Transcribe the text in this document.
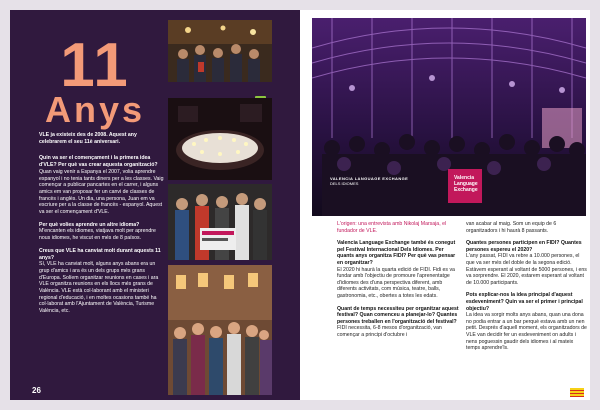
11
Anys

VLE ja existeix des de 2008. Aquest any celebrarem el seu 11è aniversari.

Quin va ser el començament i la primera idea d'VLE? Per què vas crear aquesta organització?

Quan vaig venir a Espanya el 2007, volia aprendre espanyol i no tenia tants diners per a les classes. Vaig començar a publicar pancartes en el carrer, i alguns amics em van proposar fer un canvi de classes de francès i anglès. Un dia, una persona, Juan em va escriure per a la classe de francès - espanyol. Aquest va ser el començament d'VLE.

Per què volies aprendre un altre idioma?

M'encanten els idiomes, viatjava molt per aprendre nous idiomes, he viscut en més de 8 països.

Creus que VLE ha canviat molt durant aquests 11 anys?

Sí, VLE ha canviat molt, alguns anys abans era un grup d'amics i ara és un dels grups més grans d'Europa. Solíem organitzar reunions en cases i ara VLE organitza reunions en els llocs més grans de València. VLE està col·laborant amb el ministeri regional d'educació, i en moltes ocasions també ha col·laborat amb l'Ajuntament de València, Turisme València, etc.

26
VALENCIA LANGUAGE EXCHANGE
DELS IDIOMES
Valencia
Language
Exchange

L'origen: una entrevista amb Nikolaj Marsaja, el fundador de VLE.

Valencia Language Exchange també és conegut pel Festival Internacional Dels Idiomes. Per quants anys organitza FIDI? Per què vas pensar en organitzar?

El 2020 hi haurà la quarta edició de FIDI. Fidi es va fundar amb l'objectiu de promoure l'aprenentatge d'idiomes des d'una perspectiva diferent, amb diferents activitats, com música, teatre, balls, gastronomia, etc., obertes a totes les edats.

Quant de temps necessiteu per organitzar aquest festival? Quan comenceu a planejar-lo? Quantes persones treballen en l'organització del festival?

FIDI necessita, 6-8 mesos d'organització, van començar a principi d'octubre i

van acabar al maig. Som un equip de 6 organitzadors i hi haurà 8 passants.

Quantes persones participen en FIDI? Quantes persones espereu el 2020?

L'any passat, FIDI va rebre a 10.000 persones, el que va ser més del doble de la segona edició. Estàvem esperant al voltant de 5000 persones, i ens va sorprendre. El 2020, estarem esperant al voltant de 10.000 participants.

Pots explicar-nos la idea principal d'aquest esdeveniment? Quin va ser el primer i principal objectiu?

La idea va sorgir molts anys abans, quan una dona no podia entrar a un bar perquè estava amb un nen petit. Després d'aquell moment, els organitzadors de VLE van decidir fer un esdeveniment on adults i nens poguessin gaudir dels idiomes i al mateix temps aprendre'ls.
